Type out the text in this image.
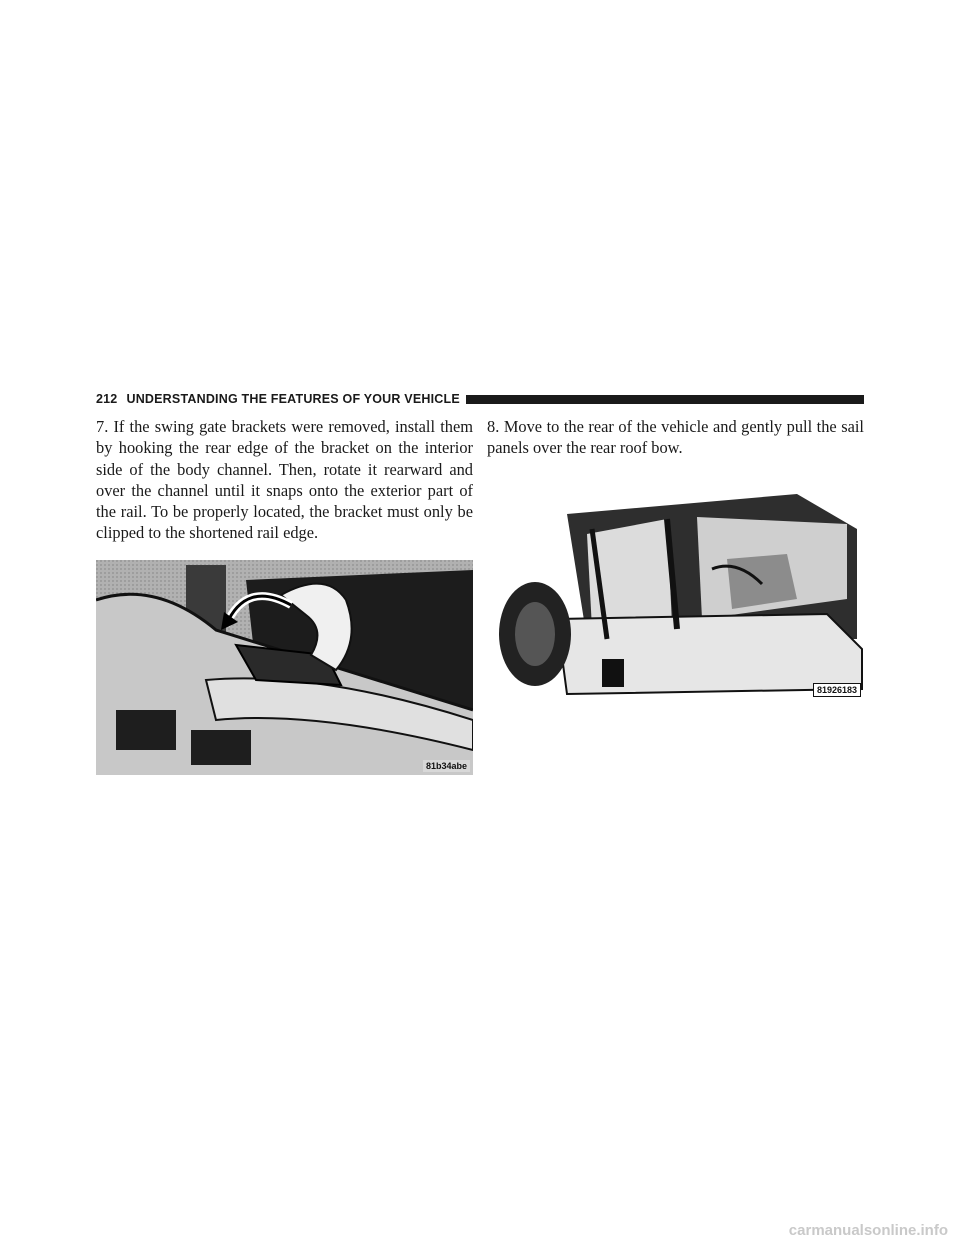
212 UNDERSTANDING THE FEATURES OF YOUR VEHICLE

7. If the swing gate brackets were removed, install them by hooking the rear edge of the bracket on the interior side of the body channel. Then, rotate it rearward and over the channel until it snaps onto the exterior part of the rail. To be properly located, the bracket must only be clipped to the shortened rail edge.

8. Move to the rear of the vehicle and gently pull the sail panels over the rear roof bow.

81b34abe
81926183
carmanualsonline.info
